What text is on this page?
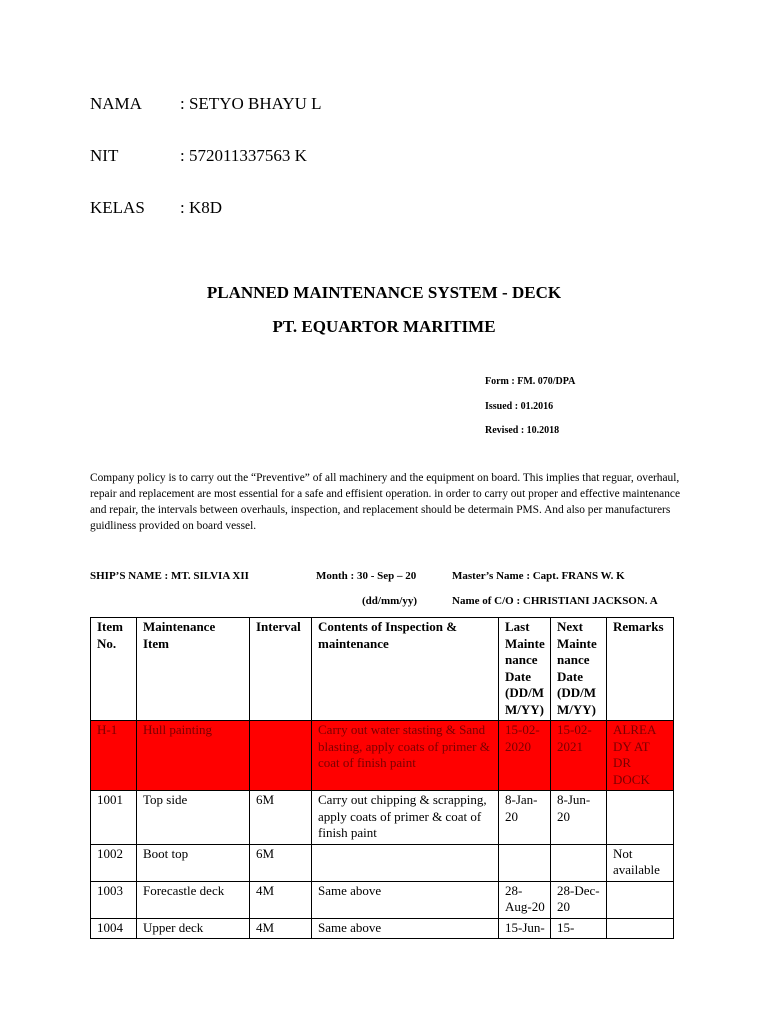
NAMA : SETYO BHAYU L
NIT	: 572011337563 K
KELAS : K8D
PLANNED MAINTENANCE SYSTEM - DECK
PT. EQUARTOR MARITIME
Form : FM. 070/DPA
Issued : 01.2016
Revised : 10.2018
Company policy is to carry out the “Preventive” of all machinery and the equipment on board. This implies that reguar, overhaul, repair and replacement are most essential for a safe and effisient operation. in order to carry out proper and effective maintenance and repair, the intervals between overhauls, inspection, and replacement should be determain PMS. And also per manufacturers guidliness provided on board vessel.
SHIP’S NAME : MT. SILVIA XII	Month : 30 - Sep – 20	Master’s Name : Capt. FRANS W. K
(dd/mm/yy)	Name of C/O : CHRISTIANI JACKSON. A
Item No.	Maintenance Item	Interval	Contents of Inspection & maintenance	Last Mainte nance Date (DD/M M/YY)	Next Mainte nance Date (DD/M M/YY)	Remarks
H-1	Hull painting		Carry out water stasting & Sand blasting, apply coats of primer & coat of finish paint	15-02-2020	15-02-2021	ALREA DY AT DR DOCK
1001	Top side	6M	Carry out chipping & scrapping, apply coats of primer & coat of finish paint	8-Jan-20	8-Jun-20	
1002	Boot top	6M				Not available
1003	Forecastle deck	4M	Same above	28-Aug-20	28-Dec-20	
1004	Upper deck	4M	Same above	15-Jun-	15-	
